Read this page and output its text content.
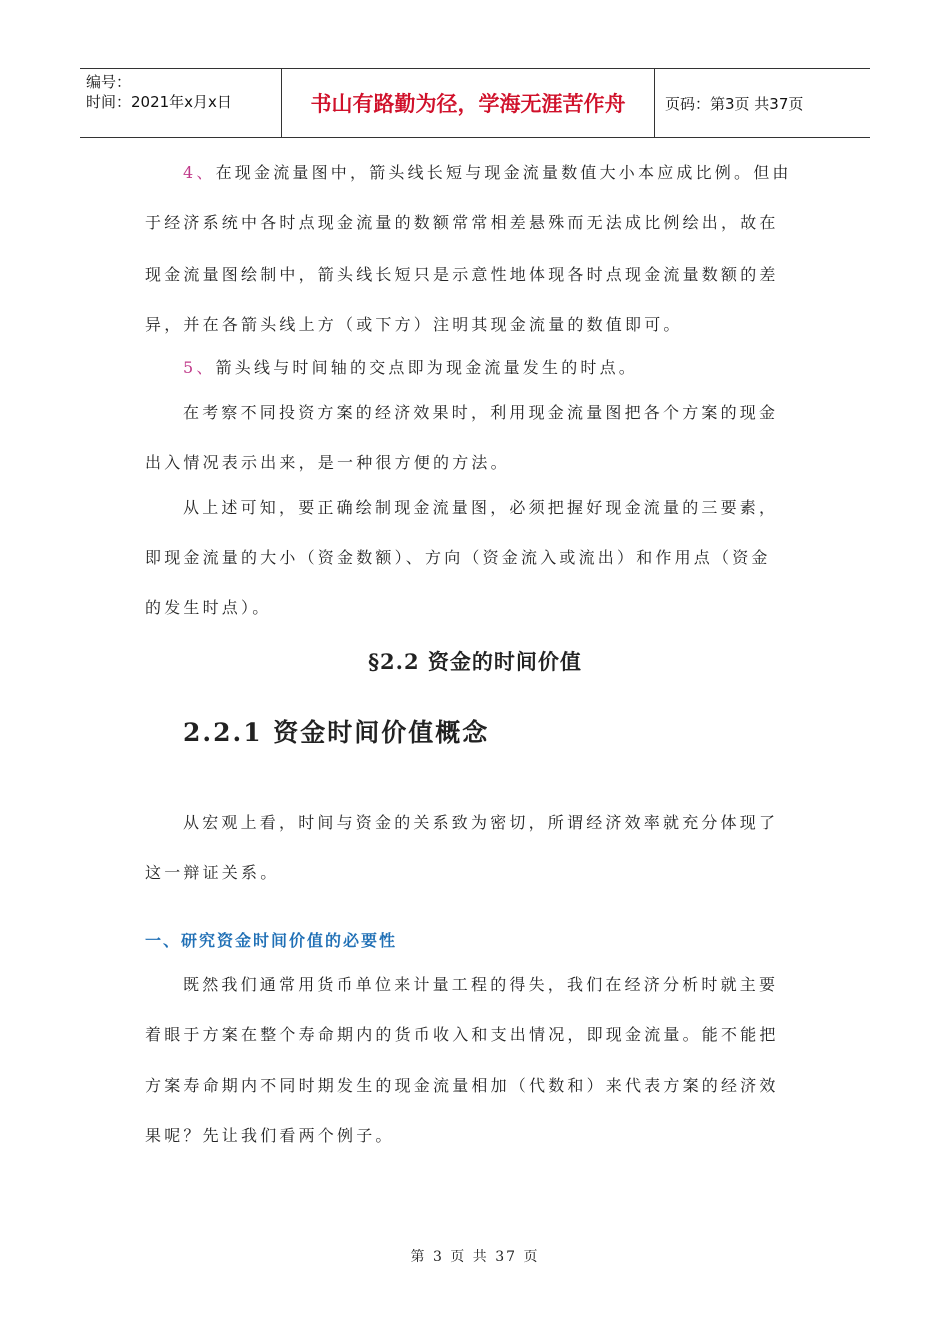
编号：
时间：2021年x月x日	书山有路勤为径，学海无涯苦作舟	页码：第3页 共37页
4、在现金流量图中，箭头线长短与现金流量数值大小本应成比例。但由
于经济系统中各时点现金流量的数额常常相差悬殊而无法成比例绘出，故在
现金流量图绘制中，箭头线长短只是示意性地体现各时点现金流量数额的差
异，并在各箭头线上方（或下方）注明其现金流量的数值即可。
5、箭头线与时间轴的交点即为现金流量发生的时点。
在考察不同投资方案的经济效果时，利用现金流量图把各个方案的现金
出入情况表示出来，是一种很方便的方法。
从上述可知，要正确绘制现金流量图，必须把握好现金流量的三要素，
即现金流量的大小（资金数额）、方向（资金流入或流出）和作用点（资金
的发生时点）。
§2.2 资金的时间价值
2.2.1 资金时间价值概念
从宏观上看，时间与资金的关系致为密切，所谓经济效率就充分体现了
这一辩证关系。
一、研究资金时间价值的必要性
既然我们通常用货币单位来计量工程的得失，我们在经济分析时就主要
着眼于方案在整个寿命期内的货币收入和支出情况，即现金流量。能不能把
方案寿命期内不同时期发生的现金流量相加（代数和）来代表方案的经济效
果呢？先让我们看两个例子。
第 3 页 共 37 页
